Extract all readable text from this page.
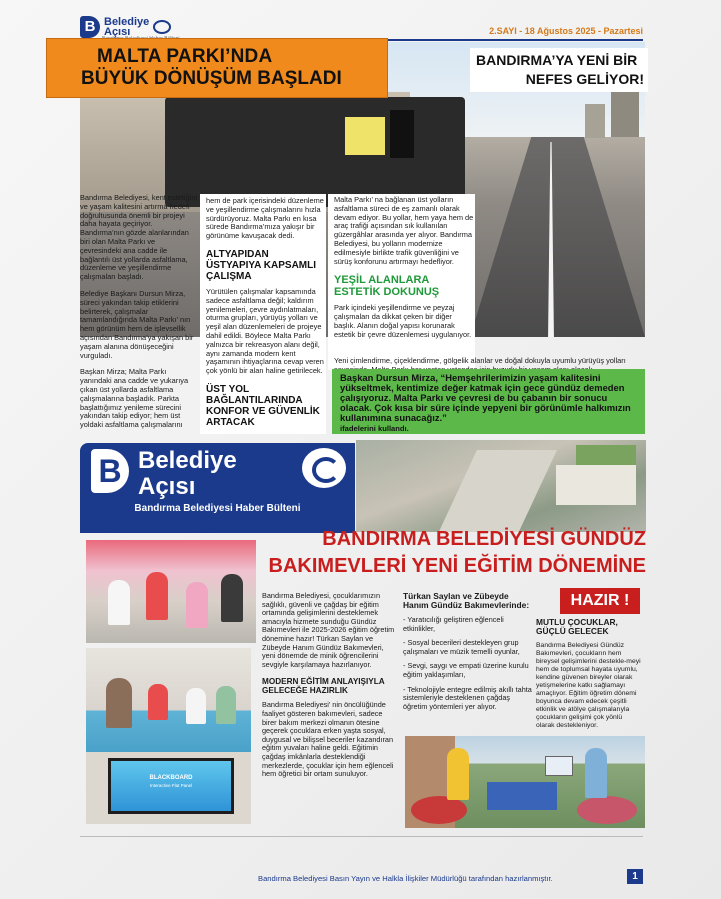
B Belediye
Açısı	2.SAYI - 18 Ağustos 2025 - Pazartesi
MALTA PARKI’NDA
BÜYÜK DÖNÜŞÜM BAŞLADI
BANDIRMA’YA YENİ BİR
NEFES GELİYOR!

Bandırma Belediyesi, kent estetiğini ve yaşam kalitesini artırma hedefi doğrultusunda önemli bir projeyi daha hayata geçiriyor. Bandırma’nın gözde alanlarından biri olan Malta Parkı ve çevresindeki ana cadde ile bağlantılı üst yollarda asfaltlama, düzenleme ve yeşillendirme çalışmaları başladı.

Belediye Başkanı Dursun Mirza, süreci yakından takip etiklerini belirterek, çalışmalar tamamlandığında Malta Parkı’ nın hem görünüm hem de işlevsellik açısından Bandırma’ya yakışan bir yaşam alanına dönüşeceğini vurguladı.

Başkan Mirza; Malta Parkı yanındaki ana cadde ve yukarıya çıkan üst yollarda asfaltlama çalışmalarına başladık. Parkta başlattığımız yenileme sürecini yakından takip ediyor; hem üst yoldaki asfaltlama çalışmalarını

hem de park içerisindeki düzenleme ve yeşillendirme çalışmalarını hızla sürdürüyoruz. Malta Parkı en kısa sürede Bandırma’mıza yakışır bir görünüme kavuşacak dedi.

ALTYAPIDAN ÜSTYAPIYA KAPSAMLI ÇALIŞMA

Yürütülen çalışmalar kapsamında sadece asfaltlama değil; kaldırım yenilemeleri, çevre aydınlatmaları, oturma grupları, yürüyüş yolları ve yeşil alan düzenlemeleri de projeye dahil edildi. Böylece Malta Parkı yalnızca bir rekreasyon alanı değil, aynı zamanda modern kent yaşamının ihtiyaçlarına cevap veren çok yönlü bir alan haline getirilecek.

ÜST YOL BAĞLANTILARINDA KONFOR VE GÜVENLİK ARTACAK

Malta Parkı’ na bağlanan üst yolların asfaltlama süreci de eş zamanlı olarak devam ediyor. Bu yollar, hem yaya hem de araç trafiği açısından sık kullanılan güzergâhlar arasında yer alıyor. Bandırma Belediyesi, bu yolların modernize edilmesiyle birlikte trafik güvenliğini ve sürüş konforunu artırmayı hedefliyor.

YEŞİL ALANLARA ESTETİK DOKUNUŞ

Park içindeki yeşillendirme ve peyzaj çalışmaları da dikkat çeken bir diğer başlık. Alanın doğal yapısı korunarak estetik bir çevre düzenlemesi uygulanıyor.

Yeni çimlendirme, çiçeklendirme, gölgelik alanlar ve doğal dokuyla uyumlu yürüyüş yolları
Başkan Dursun Mirza, “Hemşehrilerimizin yaşam kalitesini yükseltmek, kentimize değer katmak için gece gündüz demeden çalışıyoruz. Malta Parkı ve çevresi de bu çabanın bir sonucu olacak. Çok kısa bir süre içinde yepyeni bir görünümle halkımızın kullanımına sunacağız.”
ifadelerini kullandı.
B Belediye
Açısı
Bandırma Belediyesi Haber Bülteni
BANDIRMA BELEDİYESİ GÜNDÜZ
BAKIMEVLERİ YENİ EĞİTİM DÖNEMİNE
HAZIR !
BLACKBOARD
Interactive Flat Panel

Bandırma Belediyesi, çocuklarımızın sağlıklı, güvenli ve çağdaş bir eğitim ortamında gelişimlerini desteklemek amacıyla hizmete sunduğu Gündüz Bakımevleri ile 2025-2026 eğitim öğretim dönemine hazır! Türkan Saylan ve Zübeyde Hanım Gündüz Bakımevleri, yeni dönemde de minik öğrencilerini sevgiyle karşılamaya hazırlanıyor.

MODERN EĞİTİM ANLAYIŞIYLA GELECEĞE HAZIRLIK

Bandırma Belediyesi’ nin öncülüğünde faaliyet gösteren bakımevleri, sadece birer bakım merkezi olmanın ötesine geçerek çocuklara erken yaşta sosyal, duygusal ve bilişsel beceriler kazandıran eğitim yuvaları haline geldi. Eğitimin çağdaş imkânlarla desteklendiği merkezlerde, çocuklar için hem eğlenceli hem öğretici bir ortam sunuluyor.

Türkan Saylan ve Zübeyde Hanım Gündüz Bakımevlerinde:

- Yaratıcılığı geliştiren eğlenceli etkinlikler,

- Sosyal becerileri destekleyen grup çalışmaları ve müzik temelli oyunlar,

- Sevgi, saygı ve empati üzerine kurulu eğitim yaklaşımları,

- Teknolojiyle entegre edilmiş akıllı tahta sistemleriyle desteklenen çağdaş öğretim yöntemleri yer alıyor.

MUTLU ÇOCUKLAR, GÜÇLÜ GELECEK

Bandırma Belediyesi Gündüz Bakımevleri, çocukların hem bireysel gelişimlerini destekle-meyi hem de toplumsal hayata uyumlu, kendine güvenen bireyler olarak yetişmelerine katkı sağlamayı amaçlıyor. Eğitim öğretim dönemi boyunca devam edecek çeşitli etkinlik ve atölye çalışmalarıyla çocukların gelişimi çok yönlü olarak destekleniyor.

Bandırma Belediyesi Basın Yayın ve Halkla İlişkiler Müdürlüğü tarafından hazırlanmıştır.	1
